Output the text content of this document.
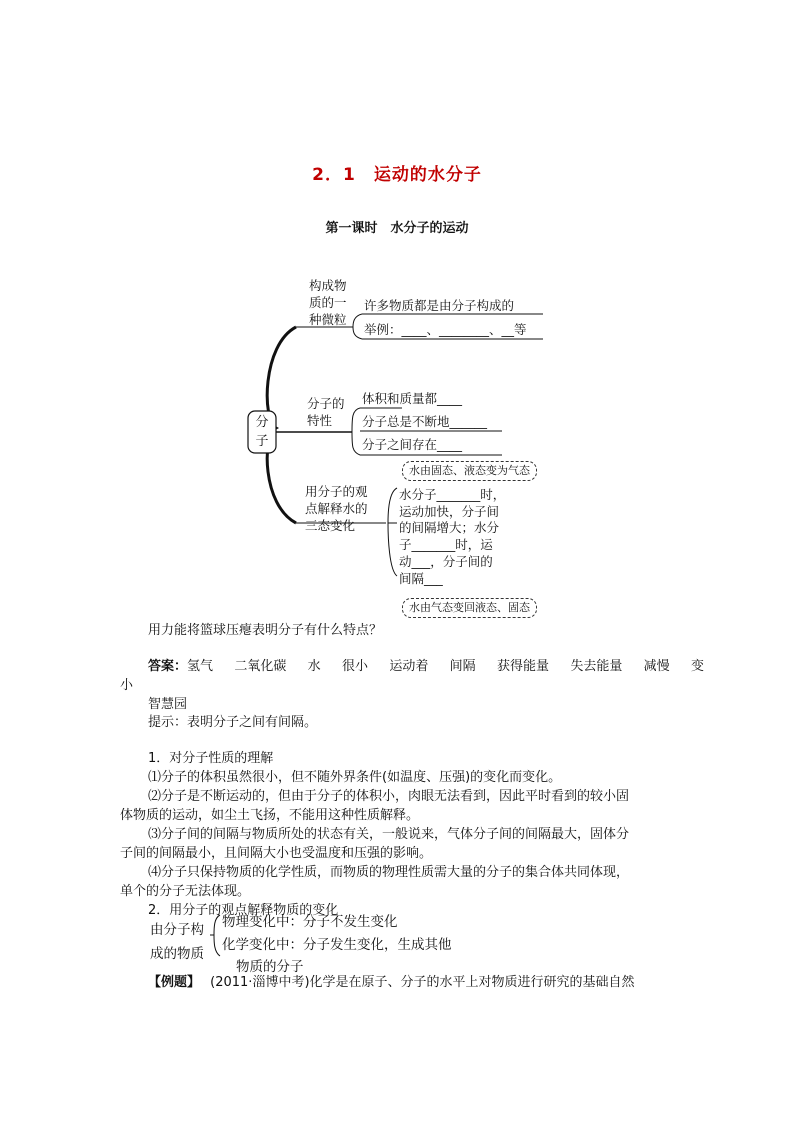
2．1　运动的水分子
第一课时　水分子的运动
分子
构成物
质的一
种微粒
许多物质都是由分子构成的
举例：____、________、__等
分子的
特性
体积和质量都____
分子总是不断地______
分子之间存在____
用分子的观
点解释水的
三态变化
水由固态、液态变为气态
水分子_______时，
运动加快，分子间
的间隔增大；水分
子_______时，运
动___，分子间的
间隔___
水由气态变回液态、固态
用力能将篮球压瘪表明分子有什么特点？
答案：氢气 二氧化碳 水 很小 运动着 间隔 获得能量 失去能量 减慢 变
小
智慧园
提示：表明分子之间有间隔。
1．对分子性质的理解
⑴分子的体积虽然很小，但不随外界条件(如温度、压强)的变化而变化。
⑵分子是不断运动的，但由于分子的体积小，肉眼无法看到，因此平时看到的较小固
体物质的运动，如尘土飞扬，不能用这种性质解释。
⑶分子间的间隔与物质所处的状态有关，一般说来，气体分子间的间隔最大，固体分
子间的间隔最小，且间隔大小也受温度和压强的影响。
⑷分子只保持物质的化学性质，而物质的物理性质需大量的分子的集合体共同体现，
单个的分子无法体现。
2．用分子的观点解释物质的变化
由分子构
成的物质
物理变化中：分子不发生变化
化学变化中：分子发生变化，生成其他
物质的分子
【例题】 (2011·淄博中考)化学是在原子、分子的水平上对物质进行研究的基础自然
